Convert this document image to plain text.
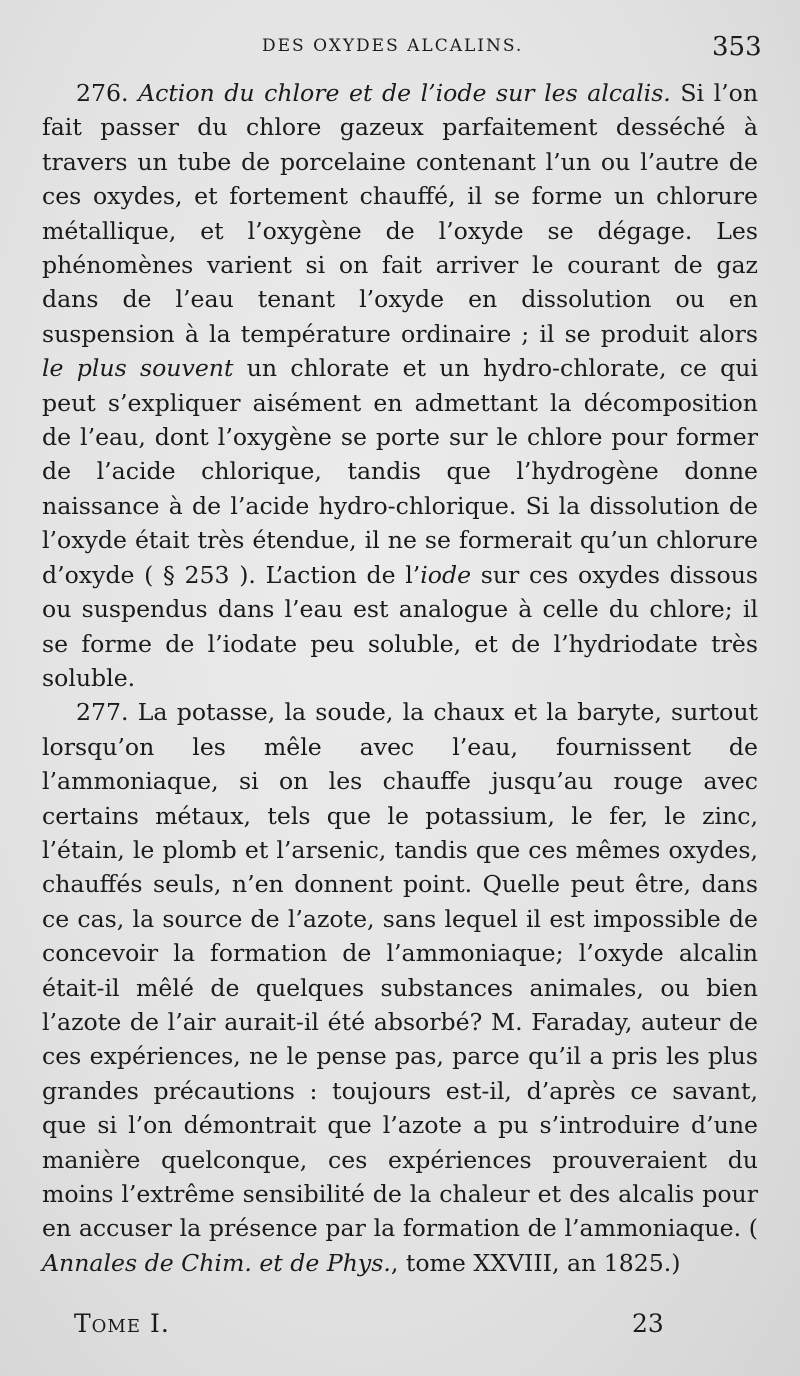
DES OXYDES ALCALINS.	353

276. Action du chlore et de l’iode sur les alcalis. Si l’on fait passer du chlore gazeux parfaitement desséché à travers un tube de porcelaine contenant l’un ou l’autre de ces oxydes, et fortement chauffé, il se forme un chlorure métallique, et l’oxygène de l’oxyde se dégage. Les phénomènes varient si on fait arriver le courant de gaz dans de l’eau tenant l’oxyde en dissolution ou en suspension à la température ordinaire ; il se produit alors le plus souvent un chlorate et un hydro-chlorate, ce qui peut s’expliquer aisément en admettant la décomposition de l’eau, dont l’oxygène se porte sur le chlore pour former de l’acide chlorique, tandis que l’hydrogène donne naissance à de l’acide hydro-chlorique. Si la dissolution de l’oxyde était très étendue, il ne se formerait qu’un chlorure d’oxyde ( § 253 ). L’action de l’iode sur ces oxydes dissous ou suspendus dans l’eau est analogue à celle du chlore; il se forme de l’iodate peu soluble, et de l’hydriodate très soluble.

277. La potasse, la soude, la chaux et la baryte, surtout lorsqu’on les mêle avec l’eau, fournissent de l’ammoniaque, si on les chauffe jusqu’au rouge avec certains métaux, tels que le potassium, le fer, le zinc, l’étain, le plomb et l’arsenic, tandis que ces mêmes oxydes, chauffés seuls, n’en donnent point. Quelle peut être, dans ce cas, la source de l’azote, sans lequel il est impossible de concevoir la formation de l’ammoniaque; l’oxyde alcalin était-il mêlé de quelques substances animales, ou bien l’azote de l’air aurait-il été absorbé? M. Faraday, auteur de ces expériences, ne le pense pas, parce qu’il a pris les plus grandes précautions : toujours est-il, d’après ce savant, que si l’on démontrait que l’azote a pu s’introduire d’une manière quelconque, ces expériences prouveraient du moins l’extrême sensibilité de la chaleur et des alcalis pour en accuser la présence par la formation de l’ammoniaque. ( Annales de Chim. et de Phys., tome XXVIII, an 1825.)

Tome I.	23
